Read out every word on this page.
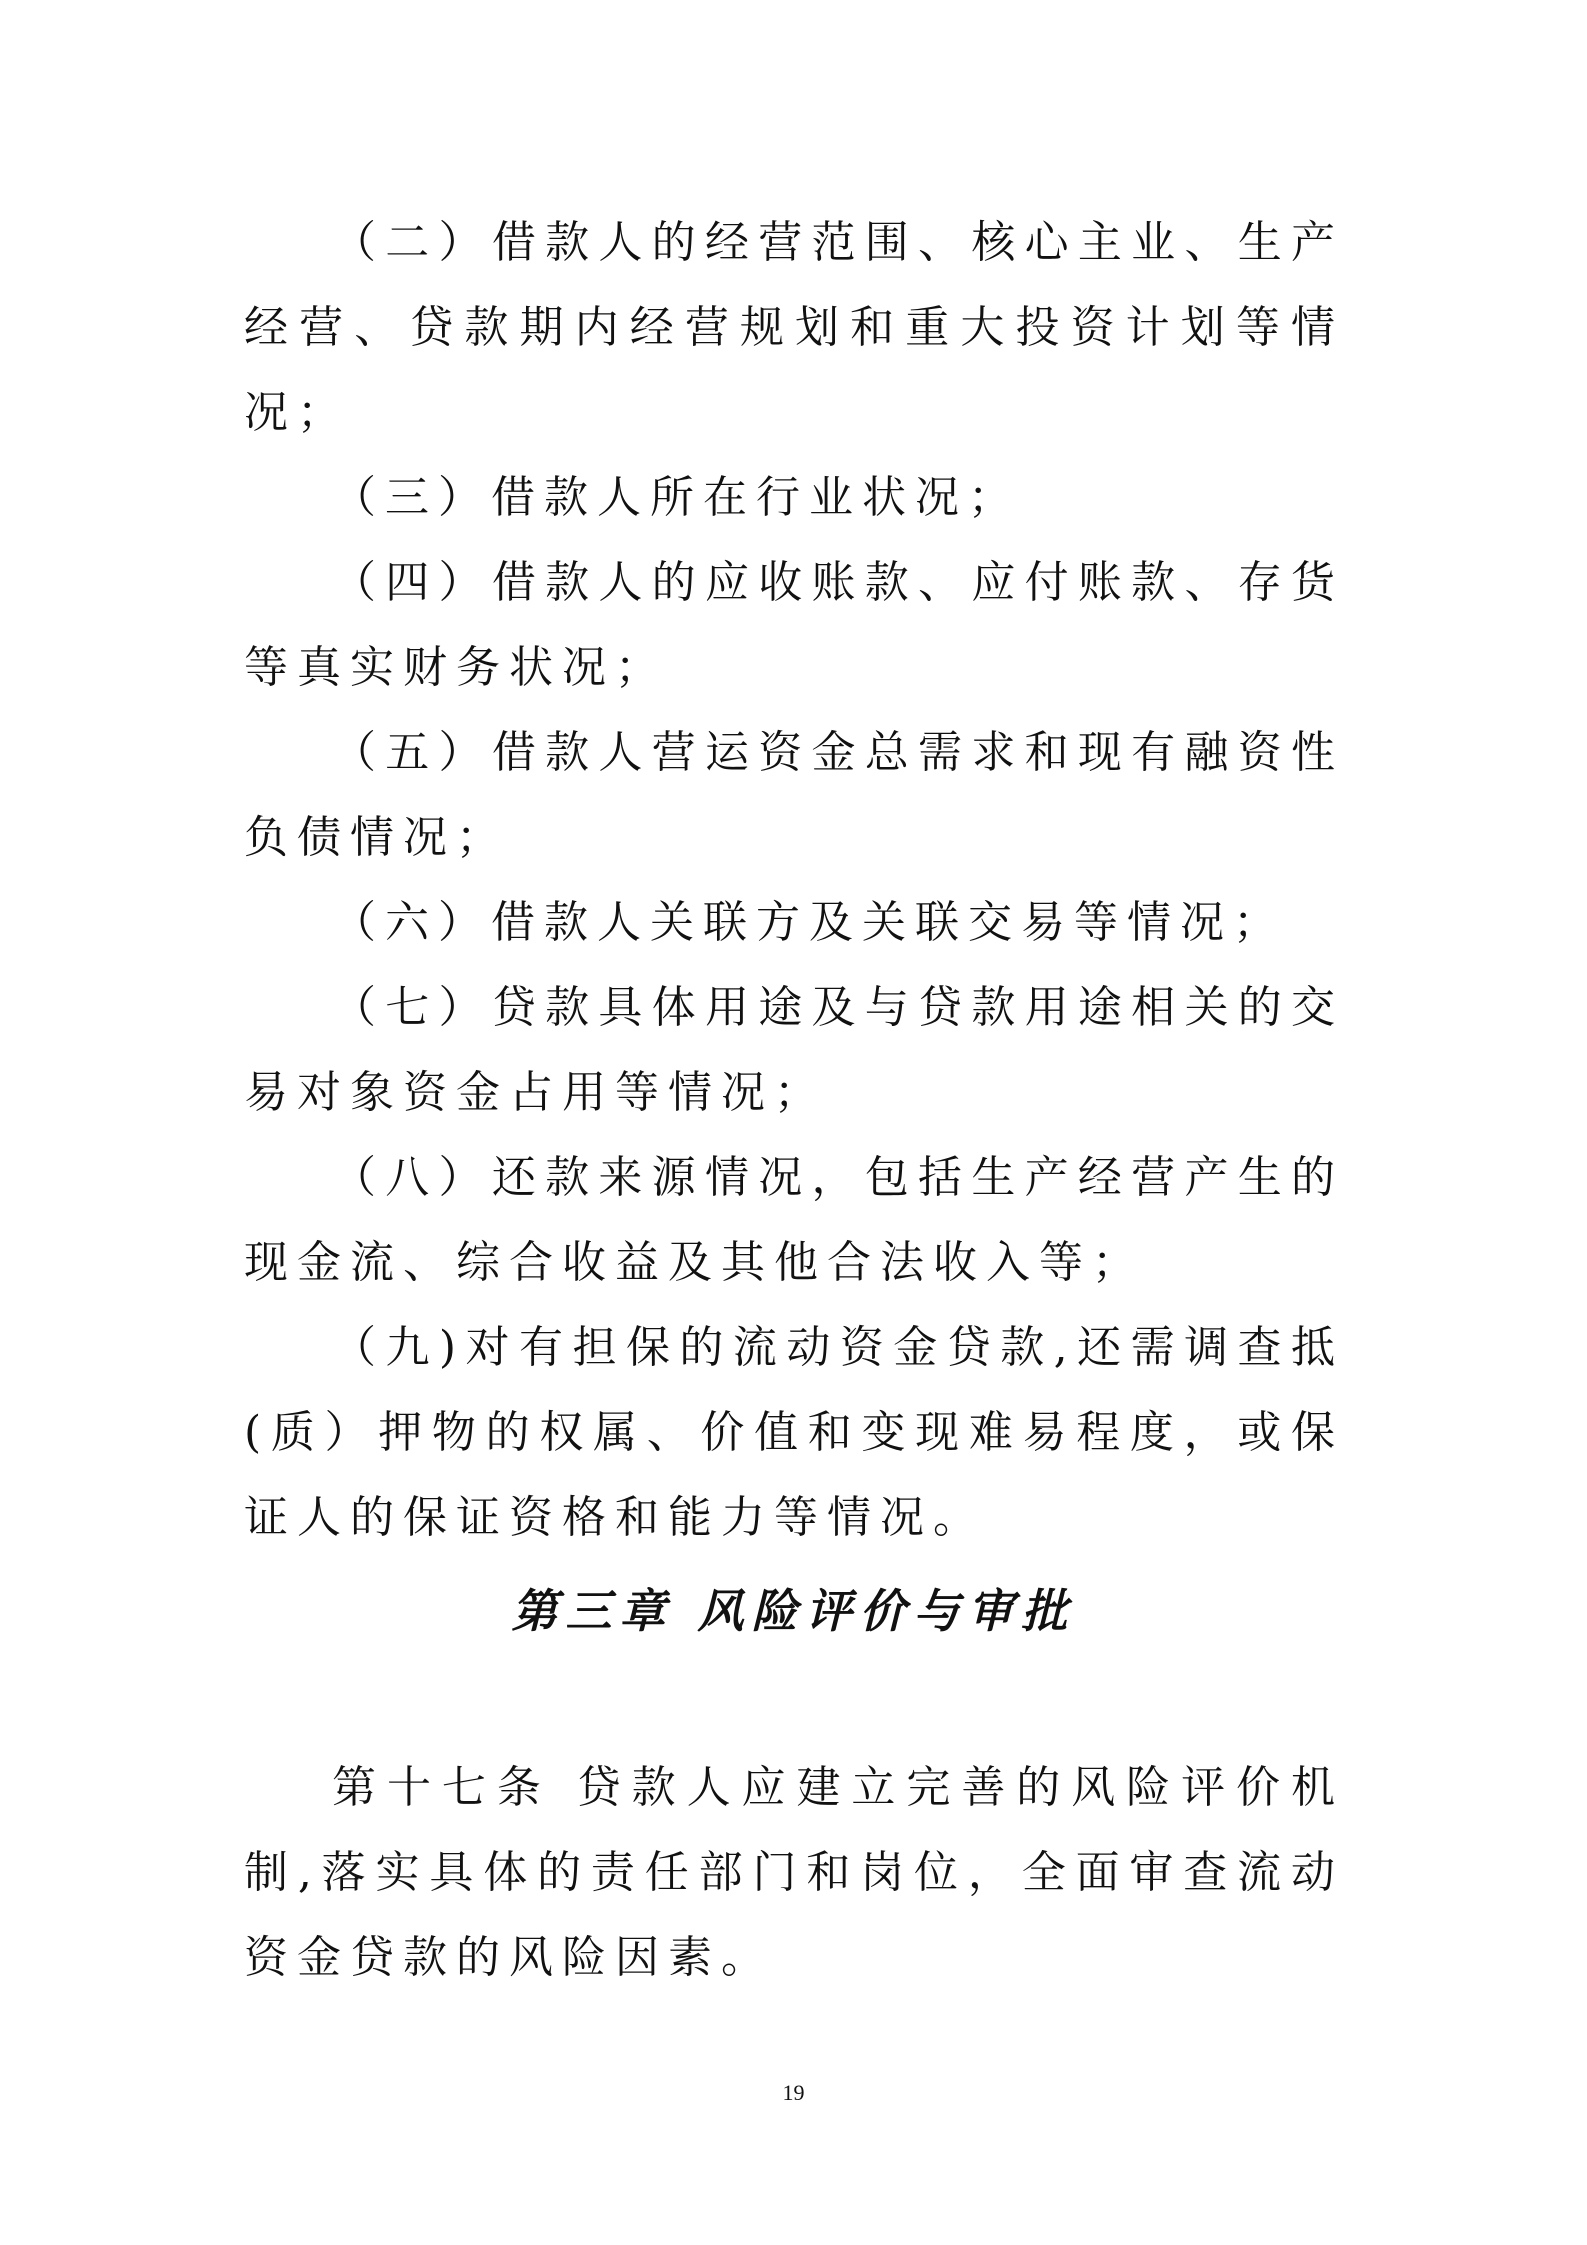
（二）借款人的经营范围、核心主业、生产经营、贷款期内经营规划和重大投资计划等情况；

（三）借款人所在行业状况；

（四）借款人的应收账款、应付账款、存货等真实财务状况；

（五）借款人营运资金总需求和现有融资性负债情况；

（六）借款人关联方及关联交易等情况；

（七）贷款具体用途及与贷款用途相关的交易对象资金占用等情况；

（八）还款来源情况，包括生产经营产生的现金流、综合收益及其他合法收入等；

（九)对有担保的流动资金贷款,还需调查抵(质）押物的权属、价值和变现难易程度，或保证人的保证资格和能力等情况。

第三章 风险评价与审批

第十七条 贷款人应建立完善的风险评价机制,落实具体的责任部门和岗位，全面审查流动资金贷款的风险因素。

19
